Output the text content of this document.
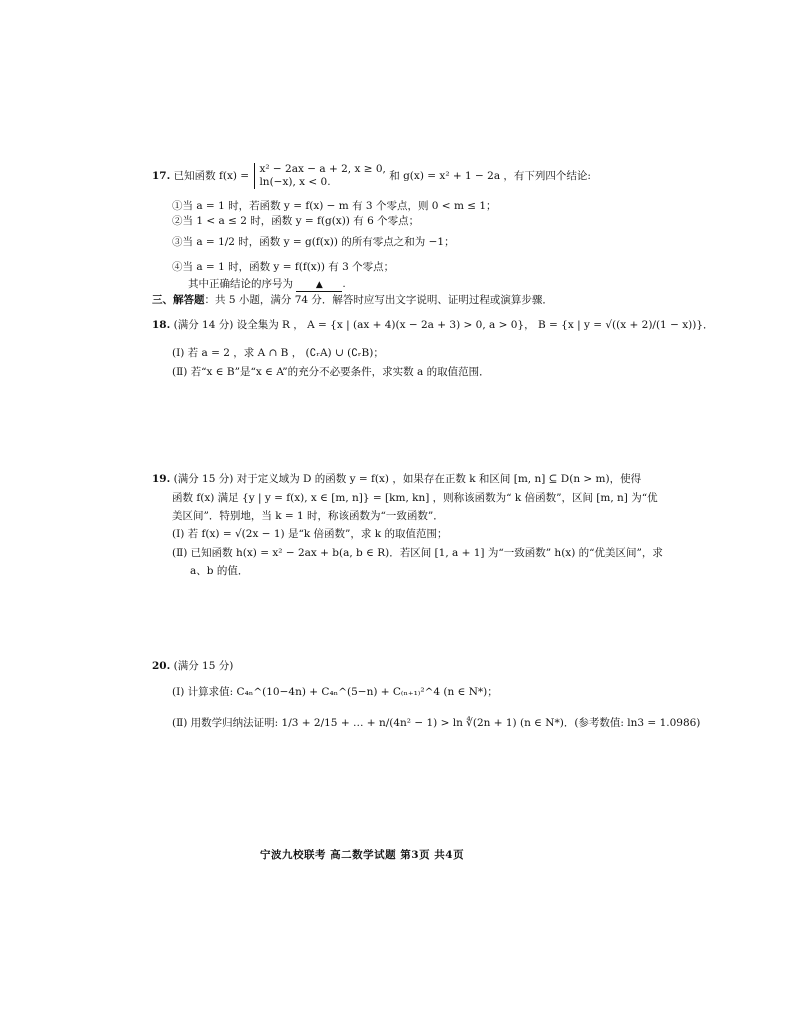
17. 已知函数 f(x) =
x² − 2ax − a + 2, x ≥ 0,
ln(−x), x < 0.	和 g(x) = x² + 1 − 2a ，有下列四个结论:
①当 a = 1 时，若函数 y = f(x) − m 有 3 个零点，则 0 < m ≤ 1；
②当 1 < a ≤ 2 时，函数 y = f(g(x)) 有 6 个零点；
③当 a = 1/2 时，函数 y = g(f(x)) 的所有零点之和为 −1；
④当 a = 1 时，函数 y = f(f(x)) 有 3 个零点；
其中正确结论的序号为	▲ .
三、解答题：共 5 小题，满分 74 分．解答时应写出文字说明、证明过程或演算步骤．
18. (满分 14 分) 设全集为 R ， A = {x | (ax + 4)(x − 2a + 3) > 0, a > 0}， B = {x | y = √((x + 2)/(1 − x))}．
(Ⅰ) 若 a = 2 ，求 A ∩ B ， (∁ᵣA) ∪ (∁ᵣB)；
(Ⅱ) 若“x ∈ B”是“x ∈ A”的充分不必要条件，求实数 a 的取值范围．
19. (满分 15 分) 对于定义域为 D 的函数 y = f(x) ，如果存在正数 k 和区间 [m, n] ⊆ D(n > m)，使得
函数 f(x) 满足 {y | y = f(x), x ∈ [m, n]} = [km, kn] ，则称该函数为“ k 倍函数”，区间 [m, n] 为“优
美区间”．特别地，当 k = 1 时，称该函数为“一致函数”．
(Ⅰ) 若 f(x) = √(2x − 1) 是“k 倍函数”，求 k 的取值范围；
(Ⅱ) 已知函数 h(x) = x² − 2ax + b(a, b ∈ R)．若区间 [1, a + 1] 为“一致函数” h(x) 的“优美区间”，求
a、b 的值．
20. (满分 15 分)
(Ⅰ) 计算求值: C₄ₙ^(10−4n) + C₄ₙ^(5−n) + C₍ₙ₊₁₎²^4 (n ∈ N*)；
(Ⅱ) 用数学归纳法证明: 1/3 + 2/15 + … + n/(4n² − 1) > ln ∜(2n + 1) (n ∈ N*)．(参考数值: ln3 = 1.0986)
宁波九校联考 高二数学试题 第3页 共4页
